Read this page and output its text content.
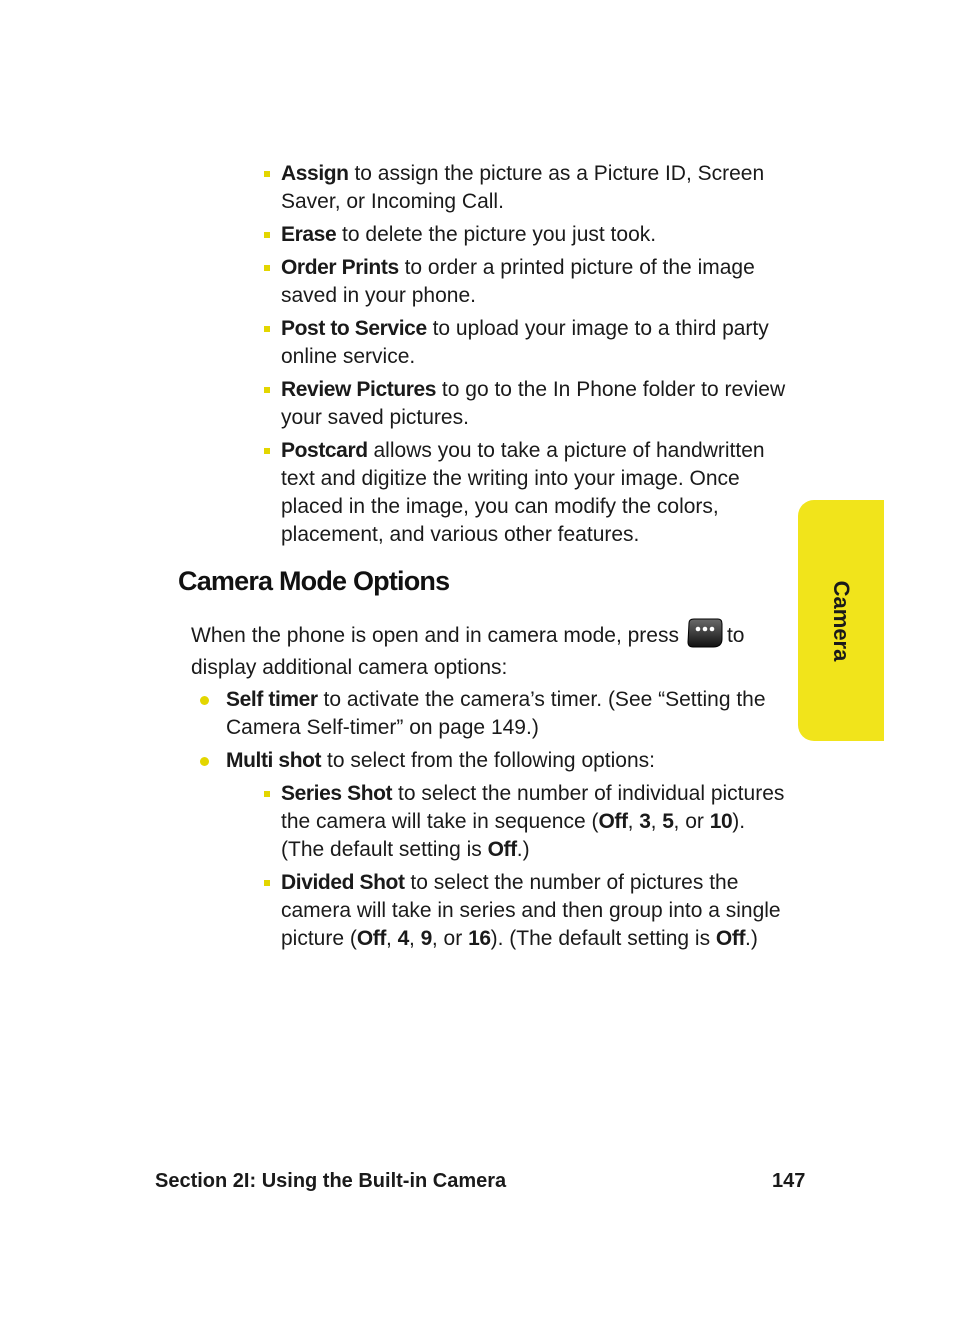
Assign to assign the picture as a Picture ID, Screen Saver, or Incoming Call.
Erase to delete the picture you just took.
Order Prints to order a printed picture of the image saved in your phone.
Post to Service to upload your image to a third party online service.
Review Pictures to go to the In Phone folder to review your saved pictures.
Postcard allows you to take a picture of handwritten text and digitize the writing into your image. Once placed in the image, you can modify the colors, placement, and various other features.
Camera Mode Options

When the phone is open and in camera mode, press to display additional camera options:

Self timer to activate the camera’s timer. (See “Setting the Camera Self-timer” on page 149.)
Multi shot to select from the following options:
Series Shot to select the number of individual pictures the camera will take in sequence (Off, 3, 5, or 10). (The default setting is Off.)
Divided Shot to select the number of pictures the camera will take in series and then group into a single picture (Off, 4, 9, or 16). (The default setting is Off.)
Camera
Section 2I: Using the Built-in Camera	147
